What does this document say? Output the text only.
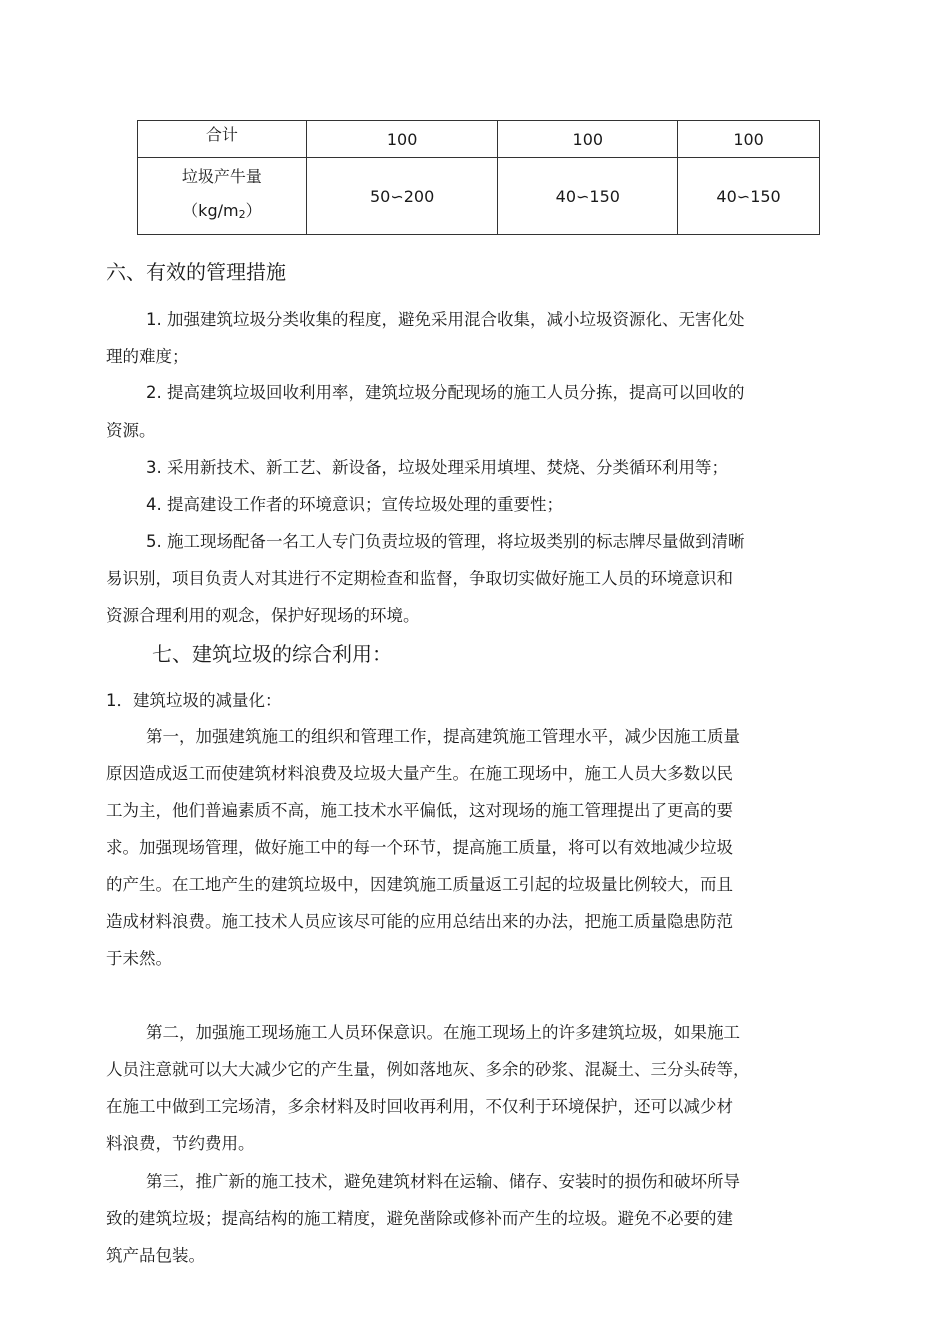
合计	100	100	100

垃圾产牛量
（kg/m2）	50∽200	40∽150	40∽150
六、有效的管理措施
1. 加强建筑垃圾分类收集的程度，避免采用混合收集，减小垃圾资源化、无害化处
理的难度；
2. 提高建筑垃圾回收利用率，建筑垃圾分配现场的施工人员分拣，提高可以回收的
资源。
3. 采用新技术、新工艺、新设备，垃圾处理采用填埋、焚烧、分类循环利用等；
4. 提高建设工作者的环境意识；宣传垃圾处理的重要性；
5. 施工现场配备一名工人专门负责垃圾的管理，将垃圾类别的标志牌尽量做到清晰
易识别，项目负责人对其进行不定期检查和监督，争取切实做好施工人员的环境意识和
资源合理利用的观念，保护好现场的环境。
七、建筑垃圾的综合利用：
1．建筑垃圾的减量化：
第一，加强建筑施工的组织和管理工作，提高建筑施工管理水平，减少因施工质量
原因造成返工而使建筑材料浪费及垃圾大量产生。在施工现场中，施工人员大多数以民
工为主，他们普遍素质不高，施工技术水平偏低，这对现场的施工管理提出了更高的要
求。加强现场管理，做好施工中的每一个环节，提高施工质量，将可以有效地减少垃圾
的产生。在工地产生的建筑垃圾中，因建筑施工质量返工引起的垃圾量比例较大，而且
造成材料浪费。施工技术人员应该尽可能的应用总结出来的办法，把施工质量隐患防范
于未然。
第二，加强施工现场施工人员环保意识。在施工现场上的许多建筑垃圾，如果施工
人员注意就可以大大减少它的产生量，例如落地灰、多余的砂浆、混凝土、三分头砖等，
在施工中做到工完场清，多余材料及时回收再利用，不仅利于环境保护，还可以减少材
料浪费，节约费用。
第三，推广新的施工技术，避免建筑材料在运输、储存、安装时的损伤和破坏所导
致的建筑垃圾；提高结构的施工精度，避免凿除或修补而产生的垃圾。避免不必要的建
筑产品包装。
